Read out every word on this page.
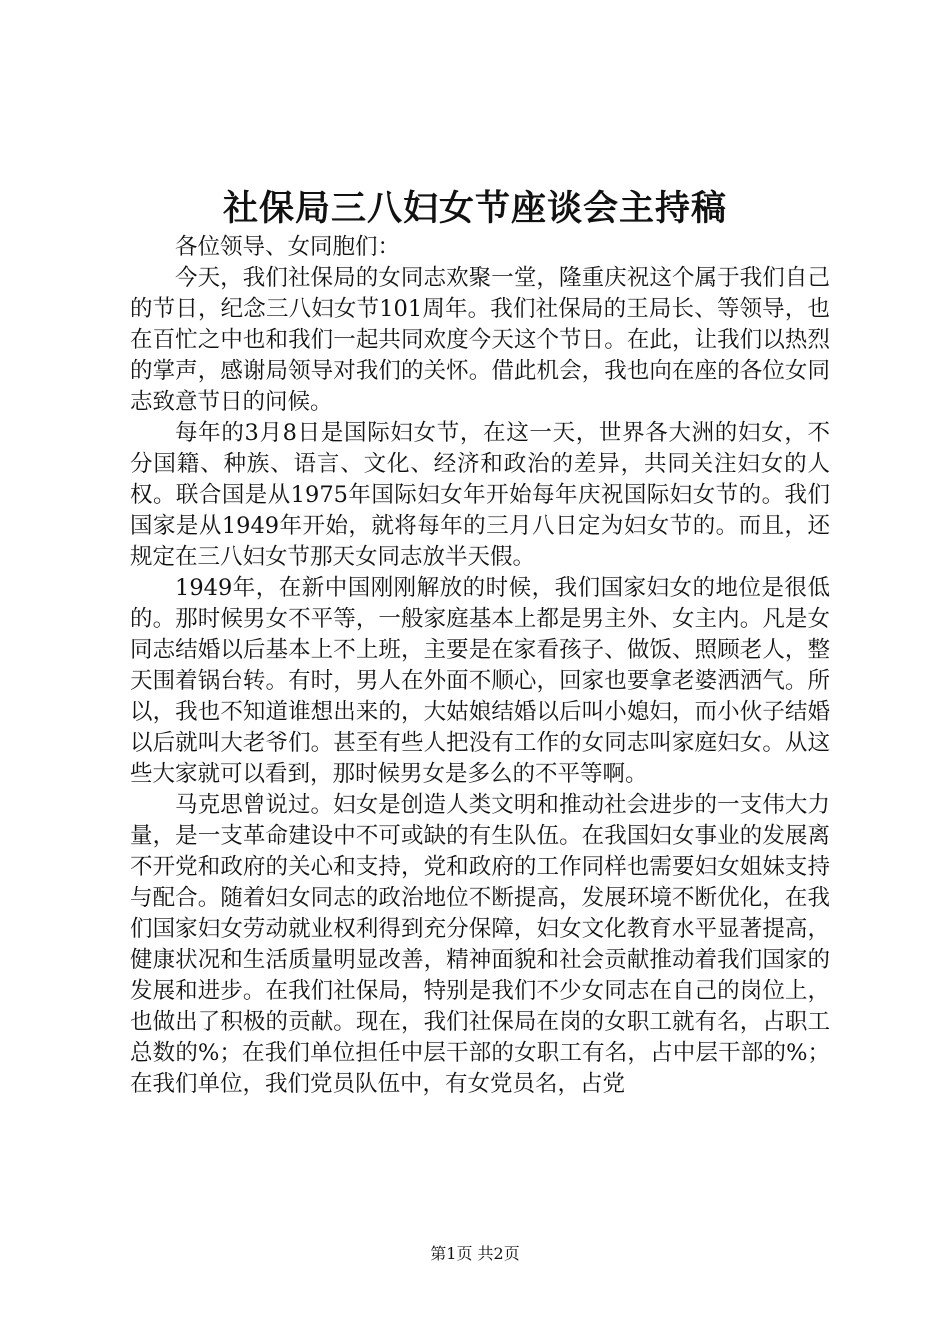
社保局三八妇女节座谈会主持稿

各位领导、女同胞们：

今天，我们社保局的女同志欢聚一堂，隆重庆祝这个属于我们自己的节日，纪念三八妇女节101周年。我们社保局的王局长、等领导，也在百忙之中也和我们一起共同欢度今天这个节日。在此，让我们以热烈的掌声，感谢局领导对我们的关怀。借此机会，我也向在座的各位女同志致意节日的问候。

每年的3月8日是国际妇女节，在这一天，世界各大洲的妇女，不分国籍、种族、语言、文化、经济和政治的差异，共同关注妇女的人权。联合国是从1975年国际妇女年开始每年庆祝国际妇女节的。我们国家是从1949年开始，就将每年的三月八日定为妇女节的。而且，还规定在三八妇女节那天女同志放半天假。

1949年，在新中国刚刚解放的时候，我们国家妇女的地位是很低的。那时候男女不平等，一般家庭基本上都是男主外、女主内。凡是女同志结婚以后基本上不上班，主要是在家看孩子、做饭、照顾老人，整天围着锅台转。有时，男人在外面不顺心，回家也要拿老婆洒洒气。所以，我也不知道谁想出来的，大姑娘结婚以后叫小媳妇，而小伙子结婚以后就叫大老爷们。甚至有些人把没有工作的女同志叫家庭妇女。从这些大家就可以看到，那时候男女是多么的不平等啊。

马克思曾说过。妇女是创造人类文明和推动社会进步的一支伟大力量，是一支革命建设中不可或缺的有生队伍。在我国妇女事业的发展离不开党和政府的关心和支持，党和政府的工作同样也需要妇女姐妹支持与配合。随着妇女同志的政治地位不断提高，发展环境不断优化，在我们国家妇女劳动就业权利得到充分保障，妇女文化教育水平显著提高，健康状况和生活质量明显改善，精神面貌和社会贡献推动着我们国家的发展和进步。在我们社保局，特别是我们不少女同志在自己的岗位上，也做出了积极的贡献。现在，我们社保局在岗的女职工就有名，占职工总数的%；在我们单位担任中层干部的女职工有名，占中层干部的%；在我们单位，我们党员队伍中，有女党员名，占党

第1页 共2页
